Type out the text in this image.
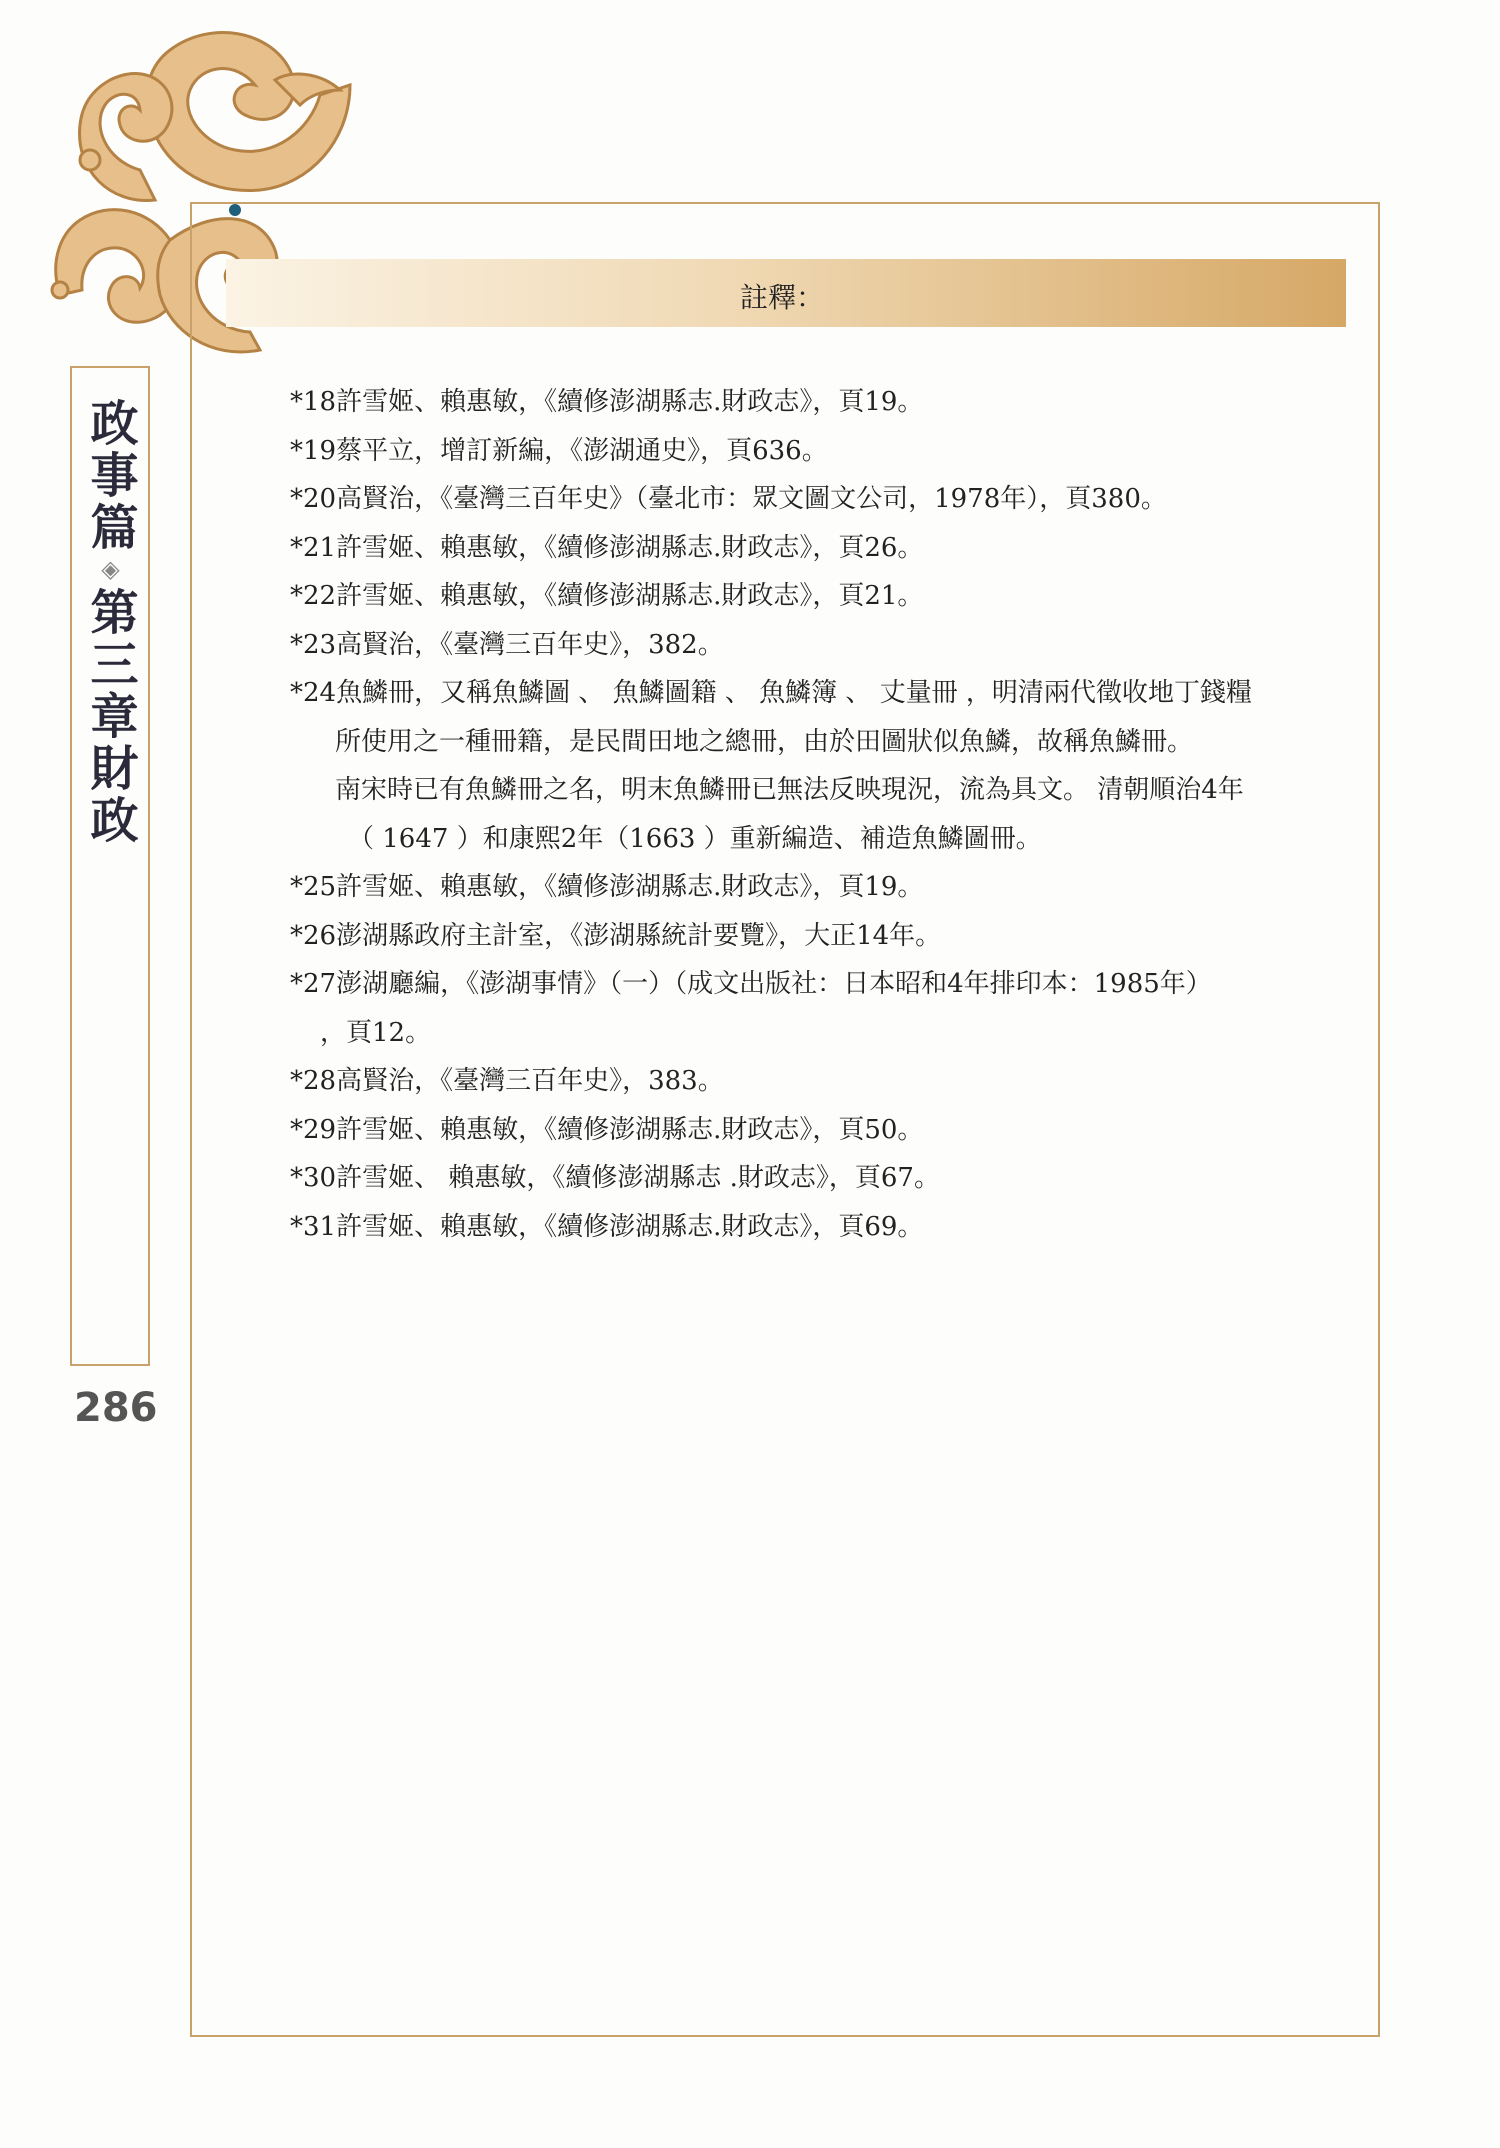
政事篇
◈
第三章
財政
286
註釋：
*18許雪姬、賴惠敏，《續修澎湖縣志.財政志》，頁19。
*19蔡平立，增訂新編，《澎湖通史》，頁636。
*20高賢治，《臺灣三百年史》（臺北市：眾文圖文公司，1978年），頁380。
*21許雪姬、賴惠敏，《續修澎湖縣志.財政志》，頁26。
*22許雪姬、賴惠敏，《續修澎湖縣志.財政志》，頁21。
*23高賢治，《臺灣三百年史》，382。
*24魚鱗冊，又稱魚鱗圖 、 魚鱗圖籍 、 魚鱗簿 、 丈量冊 ，明清兩代徵收地丁錢糧
所使用之一種冊籍，是民間田地之總冊，由於田圖狀似魚鱗，故稱魚鱗冊。
南宋時已有魚鱗冊之名，明末魚鱗冊已無法反映現況，流為具文。 清朝順治4年
（ 1647 ）和康熙2年（1663 ）重新編造、補造魚鱗圖冊。
*25許雪姬、賴惠敏，《續修澎湖縣志.財政志》，頁19。
*26澎湖縣政府主計室，《澎湖縣統計要覽》，大正14年。
*27澎湖廳編，《澎湖事情》（一）（成文出版社：日本昭和4年排印本：1985年）
，頁12。
*28高賢治，《臺灣三百年史》，383。
*29許雪姬、賴惠敏，《續修澎湖縣志.財政志》，頁50。
*30許雪姬、 賴惠敏，《續修澎湖縣志 .財政志》，頁67。
*31許雪姬、賴惠敏，《續修澎湖縣志.財政志》，頁69。
